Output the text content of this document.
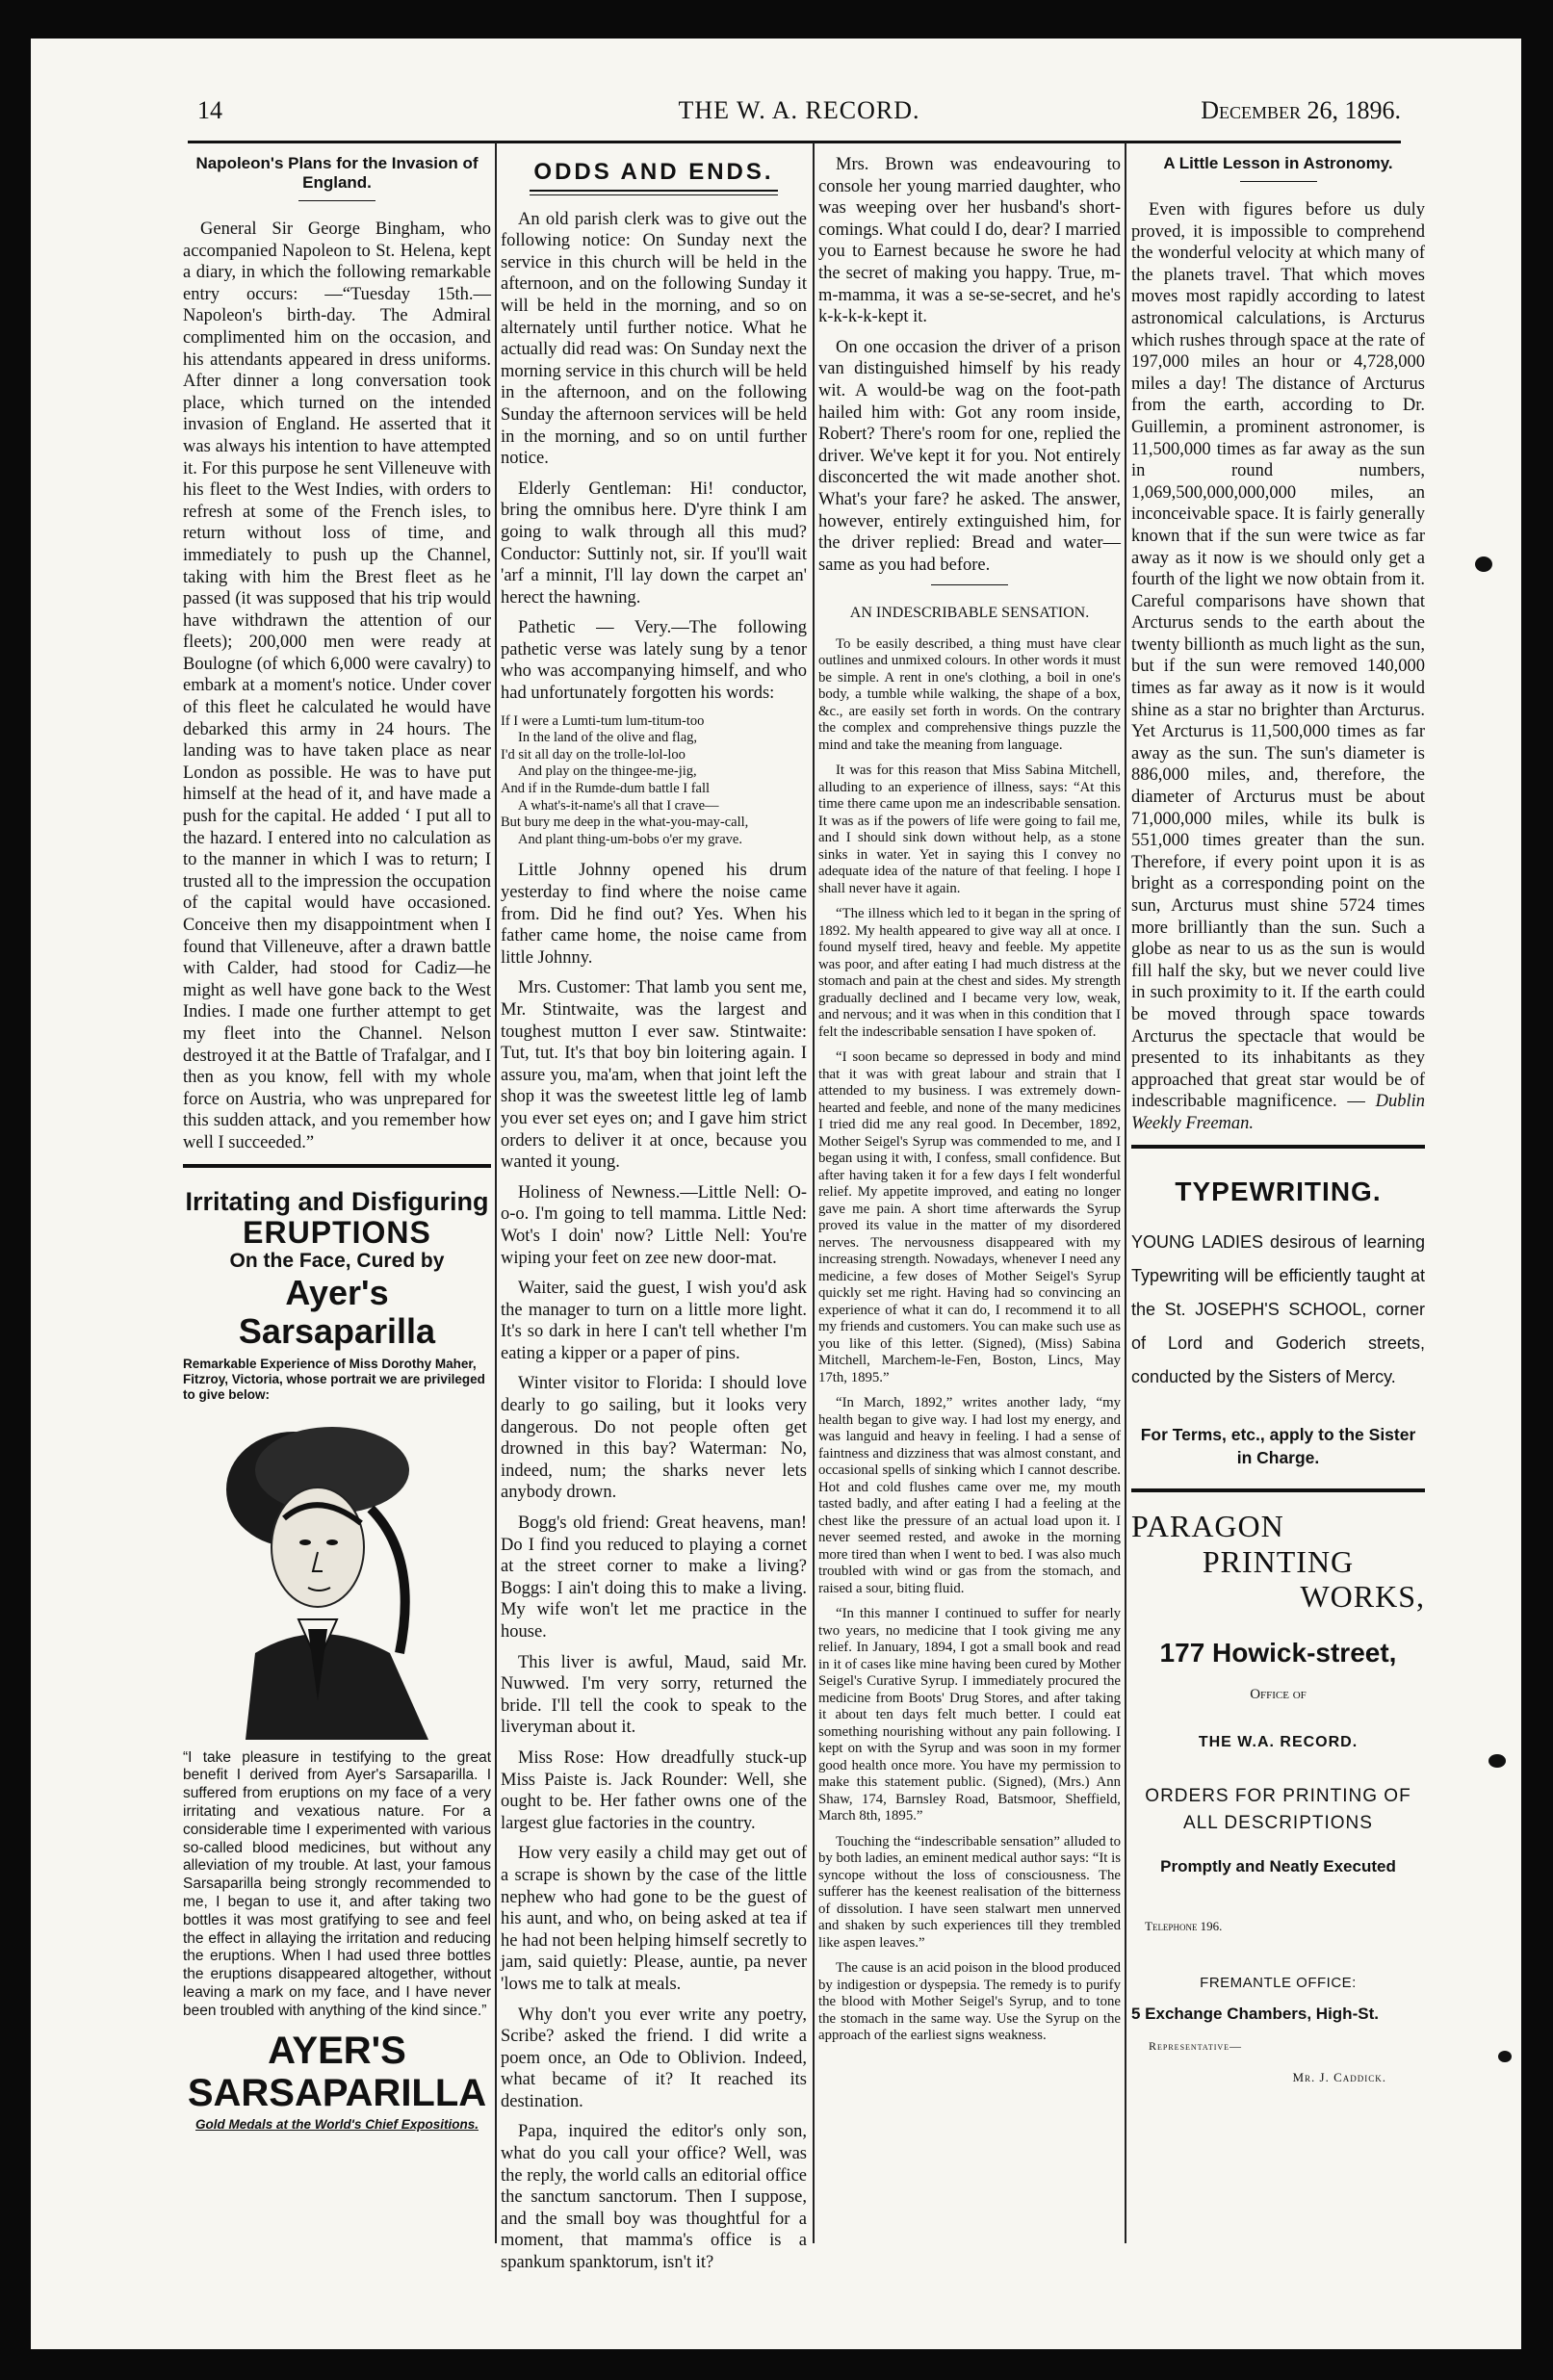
14	THE W. A. RECORD.	December 26, 1896.
Napoleon's Plans for the Invasion of England.

General Sir George Bingham, who accompanied Napoleon to St. Helena, kept a diary, in which the following remarkable entry occurs: —“Tuesday 15th.—Napoleon's birth-day. The Admiral complimented him on the occasion, and his attendants appeared in dress uniforms. After dinner a long conversation took place, which turned on the intended invasion of England. He asserted that it was always his intention to have attempted it. For this purpose he sent Villeneuve with his fleet to the West Indies, with orders to refresh at some of the French isles, to return without loss of time, and immediately to push up the Channel, taking with him the Brest fleet as he passed (it was supposed that his trip would have withdrawn the attention of our fleets); 200,000 men were ready at Boulogne (of which 6,000 were cavalry) to embark at a moment's notice. Under cover of this fleet he calculated he would have debarked this army in 24 hours. The landing was to have taken place as near London as possible. He was to have put himself at the head of it, and have made a push for the capital. He added ‘ I put all to the hazard. I entered into no calculation as to the manner in which I was to return; I trusted all to the impression the occupation of the capital would have occasioned. Conceive then my disappointment when I found that Villeneuve, after a drawn battle with Calder, had stood for Cadiz—he might as well have gone back to the West Indies. I made one further attempt to get my fleet into the Channel. Nelson destroyed it at the Battle of Trafalgar, and I then as you know, fell with my whole force on Austria, who was unprepared for this sudden attack, and you remember how well I succeeded.”

Irritating and Disfiguring
ERUPTIONS
On the Face, Cured by
Ayer's Sarsaparilla
Remarkable Experience of Miss Dorothy Maher, Fitzroy, Victoria, whose portrait we are privileged to give below:
“I take pleasure in testifying to the great benefit I derived from Ayer's Sarsaparilla. I suffered from eruptions on my face of a very irritating and vexatious nature. For a considerable time I experimented with various so-called blood medicines, but without any alleviation of my trouble. At last, your famous Sarsaparilla being strongly recommended to me, I began to use it, and after taking two bottles it was most gratifying to see and feel the effect in allaying the irritation and reducing the eruptions. When I had used three bottles the eruptions disappeared altogether, without leaving a mark on my face, and I have never been troubled with anything of the kind since.”
AYER'S
SARSAPARILLA
Gold Medals at the World's Chief Expositions.
ODDS AND ENDS.

An old parish clerk was to give out the following notice: On Sunday next the service in this church will be held in the afternoon, and on the following Sunday it will be held in the morning, and so on alternately until further notice. What he actually did read was: On Sunday next the morning service in this church will be held in the afternoon, and on the following Sunday the afternoon services will be held in the morning, and so on until further notice.

Elderly Gentleman: Hi! conductor, bring the omnibus here. D'yre think I am going to walk through all this mud? Conductor: Suttinly not, sir. If you'll wait 'arf a minnit, I'll lay down the carpet an' herect the hawning.

Pathetic — Very.—The following pathetic verse was lately sung by a tenor who was accompanying himself, and who had unfortunately forgotten his words:

If I were a Lumti-tum lum-titum-too
In the land of the olive and flag,
I'd sit all day on the trolle-lol-loo
And play on the thingee-me-jig,
And if in the Rumde-dum battle I fall
A what's-it-name's all that I crave—
But bury me deep in the what-you-may-call,
And plant thing-um-bobs o'er my grave.

Little Johnny opened his drum yesterday to find where the noise came from. Did he find out? Yes. When his father came home, the noise came from little Johnny.

Mrs. Customer: That lamb you sent me, Mr. Stintwaite, was the largest and toughest mutton I ever saw. Stintwaite: Tut, tut. It's that boy bin loitering again. I assure you, ma'am, when that joint left the shop it was the sweetest little leg of lamb you ever set eyes on; and I gave him strict orders to deliver it at once, because you wanted it young.

Holiness of Newness.—Little Nell: O-o-o. I'm going to tell mamma. Little Ned: Wot's I doin' now? Little Nell: You're wiping your feet on zee new door-mat.

Waiter, said the guest, I wish you'd ask the manager to turn on a little more light. It's so dark in here I can't tell whether I'm eating a kipper or a paper of pins.

Winter visitor to Florida: I should love dearly to go sailing, but it looks very dangerous. Do not people often get drowned in this bay? Waterman: No, indeed, num; the sharks never lets anybody drown.

Bogg's old friend: Great heavens, man! Do I find you reduced to playing a cornet at the street corner to make a living? Boggs: I ain't doing this to make a living. My wife won't let me practice in the house.

This liver is awful, Maud, said Mr. Nuwwed. I'm very sorry, returned the bride. I'll tell the cook to speak to the liveryman about it.

Miss Rose: How dreadfully stuck-up Miss Paiste is. Jack Rounder: Well, she ought to be. Her father owns one of the largest glue factories in the country.

How very easily a child may get out of a scrape is shown by the case of the little nephew who had gone to be the guest of his aunt, and who, on being asked at tea if he had not been helping himself secretly to jam, said quietly: Please, auntie, pa never 'lows me to talk at meals.

Why don't you ever write any poetry, Scribe? asked the friend. I did write a poem once, an Ode to Oblivion. Indeed, what became of it? It reached its destination.

Papa, inquired the editor's only son, what do you call your office? Well, was the reply, the world calls an editorial office the sanctum sanctorum. Then I suppose, and the small boy was thoughtful for a moment, that mamma's office is a spankum spanktorum, isn't it?

Mrs. Brown was endeavouring to console her young married daughter, who was weeping over her husband's short-comings. What could I do, dear? I married you to Earnest because he swore he had the secret of making you happy. True, m-m-mamma, it was a se-se-secret, and he's k-k-k-k-kept it.

On one occasion the driver of a prison van distinguished himself by his ready wit. A would-be wag on the foot-path hailed him with: Got any room inside, Robert? There's room for one, replied the driver. We've kept it for you. Not entirely disconcerted the wit made another shot. What's your fare? he asked. The answer, however, entirely extinguished him, for the driver replied: Bread and water—same as you had before.

AN INDESCRIBABLE SENSATION.

To be easily described, a thing must have clear outlines and unmixed colours. In other words it must be simple. A rent in one's clothing, a boil in one's body, a tumble while walking, the shape of a box, &c., are easily set forth in words. On the contrary the complex and comprehensive things puzzle the mind and take the meaning from language.

It was for this reason that Miss Sabina Mitchell, alluding to an experience of illness, says: “At this time there came upon me an indescribable sensation. It was as if the powers of life were going to fail me, and I should sink down without help, as a stone sinks in water. Yet in saying this I convey no adequate idea of the nature of that feeling. I hope I shall never have it again.

“The illness which led to it began in the spring of 1892. My health appeared to give way all at once. I found myself tired, heavy and feeble. My appetite was poor, and after eating I had much distress at the stomach and pain at the chest and sides. My strength gradually declined and I became very low, weak, and nervous; and it was when in this condition that I felt the indescribable sensation I have spoken of.

“I soon became so depressed in body and mind that it was with great labour and strain that I attended to my business. I was extremely down-hearted and feeble, and none of the many medicines I tried did me any real good. In December, 1892, Mother Seigel's Syrup was commended to me, and I began using it with, I confess, small confidence. But after having taken it for a few days I felt wonderful relief. My appetite improved, and eating no longer gave me pain. A short time afterwards the Syrup proved its value in the matter of my disordered nerves. The nervousness disappeared with my increasing strength. Nowadays, whenever I need any medicine, a few doses of Mother Seigel's Syrup quickly set me right. Having had so convincing an experience of what it can do, I recommend it to all my friends and customers. You can make such use as you like of this letter. (Signed), (Miss) Sabina Mitchell, Marchem-le-Fen, Boston, Lincs, May 17th, 1895.”

“In March, 1892,” writes another lady, “my health began to give way. I had lost my energy, and was languid and heavy in feeling. I had a sense of faintness and dizziness that was almost constant, and occasional spells of sinking which I cannot describe. Hot and cold flushes came over me, my mouth tasted badly, and after eating I had a feeling at the chest like the pressure of an actual load upon it. I never seemed rested, and awoke in the morning more tired than when I went to bed. I was also much troubled with wind or gas from the stomach, and raised a sour, biting fluid.

“In this manner I continued to suffer for nearly two years, no medicine that I took giving me any relief. In January, 1894, I got a small book and read in it of cases like mine having been cured by Mother Seigel's Curative Syrup. I immediately procured the medicine from Boots' Drug Stores, and after taking it about ten days felt much better. I could eat something nourishing without any pain following. I kept on with the Syrup and was soon in my former good health once more. You have my permission to make this statement public. (Signed), (Mrs.) Ann Shaw, 174, Barnsley Road, Batsmoor, Sheffield, March 8th, 1895.”

Touching the “indescribable sensation” alluded to by both ladies, an eminent medical author says: “It is syncope without the loss of consciousness. The sufferer has the keenest realisation of the bitterness of dissolution. I have seen stalwart men unnerved and shaken by such experiences till they trembled like aspen leaves.”

The cause is an acid poison in the blood produced by indigestion or dyspepsia. The remedy is to purify the blood with Mother Seigel's Syrup, and to tone the stomach in the same way. Use the Syrup on the approach of the earliest signs weakness.

A Little Lesson in Astronomy.

Even with figures before us duly proved, it is impossible to comprehend the wonderful velocity at which many of the planets travel. That which moves moves most rapidly according to latest astronomical calculations, is Arcturus which rushes through space at the rate of 197,000 miles an hour or 4,728,000 miles a day! The distance of Arcturus from the earth, according to Dr. Guillemin, a prominent astronomer, is 11,500,000 times as far away as the sun in round numbers, 1,069,500,000,000,000 miles, an inconceivable space. It is fairly generally known that if the sun were twice as far away as it now is we should only get a fourth of the light we now obtain from it. Careful comparisons have shown that Arcturus sends to the earth about the twenty billionth as much light as the sun, but if the sun were removed 140,000 times as far away as it now is it would shine as a star no brighter than Arcturus. Yet Arcturus is 11,500,000 times as far away as the sun. The sun's diameter is 886,000 miles, and, therefore, the diameter of Arcturus must be about 71,000,000 miles, while its bulk is 551,000 times greater than the sun. Therefore, if every point upon it is as bright as a corresponding point on the sun, Arcturus must shine 5724 times more brilliantly than the sun. Such a globe as near to us as the sun is would fill half the sky, but we never could live in such proximity to it. If the earth could be moved through space towards Arcturus the spectacle that would be presented to its inhabitants as they approached that great star would be of indescribable magnificence. — Dublin Weekly Freeman.

TYPEWRITING.
YOUNG LADIES desirous of learning Typewriting will be efficiently taught at the St. JOSEPH'S SCHOOL, corner of Lord and Goderich streets, conducted by the Sisters of Mercy.
For Terms, etc., apply to the Sister in Charge.
PARAGON
PRINTING
WORKS,
177 Howick-street,
Office of
THE W.A. RECORD.
ORDERS FOR PRINTING OF
ALL DESCRIPTIONS
Promptly and Neatly Executed
Telephone 196.
FREMANTLE OFFICE:
5 Exchange Chambers, High-St.
Representative—
Mr. J. Caddick.
